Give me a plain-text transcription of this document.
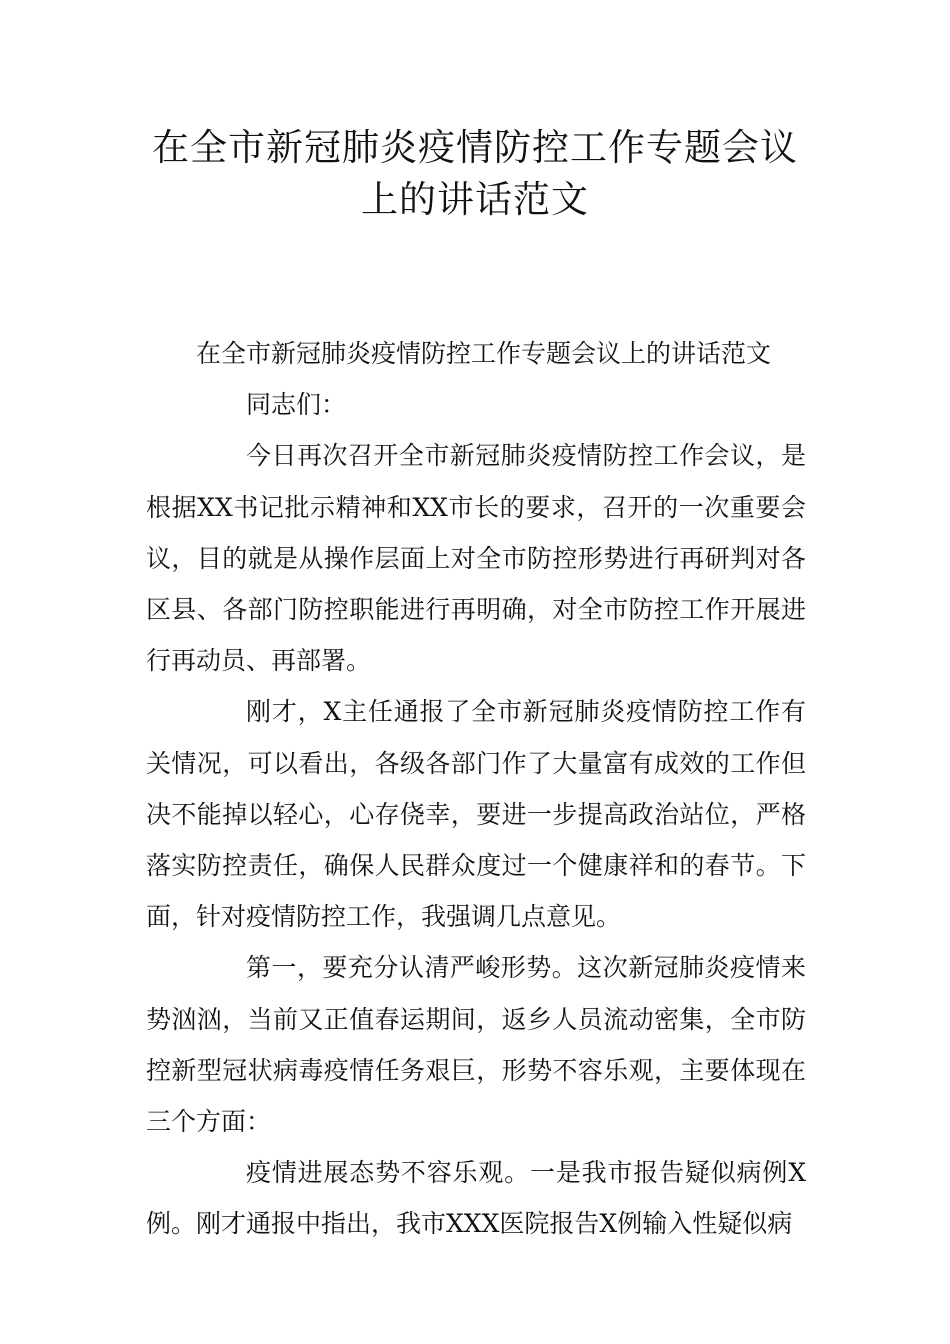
在全市新冠肺炎疫情防控工作专题会议
上的讲话范文

在全市新冠肺炎疫情防控工作专题会议上的讲话范文

同志们：

今日再次召开全市新冠肺炎疫情防控工作会议，是根据XX书记批示精神和XX市长的要求，召开的一次重要会议，目的就是从操作层面上对全市防控形势进行再研判对各区县、各部门防控职能进行再明确，对全市防控工作开展进行再动员、再部署。

刚才，X主任通报了全市新冠肺炎疫情防控工作有关情况，可以看出，各级各部门作了大量富有成效的工作但决不能掉以轻心，心存侥幸，要进一步提高政治站位，严格落实防控责任，确保人民群众度过一个健康祥和的春节。下面，针对疫情防控工作，我强调几点意见。

第一，要充分认清严峻形势。这次新冠肺炎疫情来势汹汹，当前又正值春运期间，返乡人员流动密集，全市防控新型冠状病毒疫情任务艰巨，形势不容乐观，主要体现在三个方面：

疫情进展态势不容乐观。一是我市报告疑似病例X例。刚才通报中指出，我市XXX医院报告X例输入性疑似病
